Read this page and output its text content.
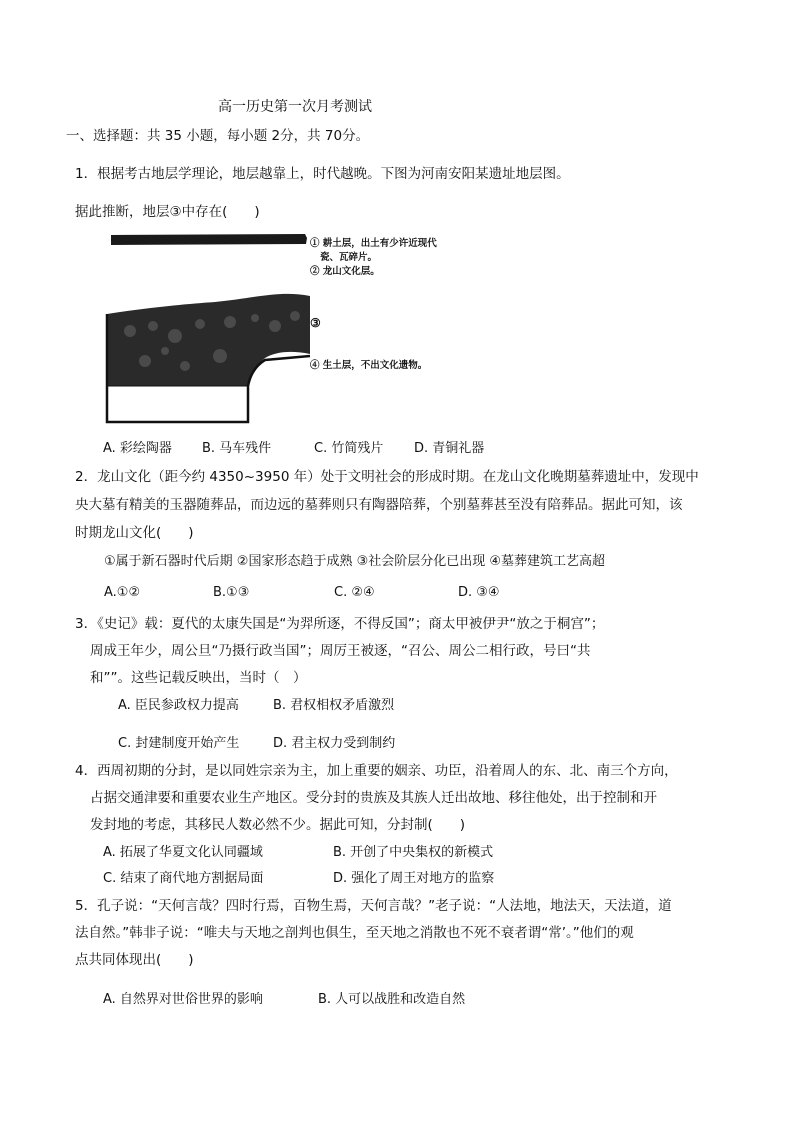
高一历史第一次月考测试
一、选择题：共 35 小题，每小题 2分，共 70分。
1．根据考古地层学理论，地层越靠上，时代越晚。下图为河南安阳某遗址地层图。
据此推断，地层③中存在(　　)
① 耕土层，出土有少许近现代
瓷、瓦碎片。
② 龙山文化层。
③
④ 生土层，不出文化遗物。
A. 彩绘陶器 B. 马车残件	C. 竹简残片 D. 青铜礼器
2．龙山文化（距今约 4350~3950 年）处于文明社会的形成时期。在龙山文化晚期墓葬遗址中，发现中
央大墓有精美的玉器随葬品，而边远的墓葬则只有陶器陪葬，个别墓葬甚至没有陪葬品。据此可知，该
时期龙山文化(　　)
①属于新石器时代后期 ②国家形态趋于成熟 ③社会阶层分化已出现 ④墓葬建筑工艺高超
A.①②	B.①③	C. ②④	D. ③④
3．《史记》载：夏代的太康失国是“为羿所逐，不得反国”；商太甲被伊尹“放之于桐宫”；
周成王年少，周公旦“乃摄行政当国”；周厉王被逐，“召公、周公二相行政，号曰“共
和””。这些记载反映出，当时（　）
A. 臣民参政权力提高	B. 君权相权矛盾激烈
C. 封建制度开始产生	D. 君主权力受到制约
4．西周初期的分封，是以同姓宗亲为主，加上重要的姻亲、功臣，沿着周人的东、北、南三个方向，
占据交通津要和重要农业生产地区。受分封的贵族及其族人迁出故地、移往他处，出于控制和开
发封地的考虑，其移民人数必然不少。据此可知，分封制(　　)
A. 拓展了华夏文化认同疆域	B. 开创了中央集权的新模式
C. 结束了商代地方割据局面	D. 强化了周王对地方的监察
5．孔子说：“天何言哉？四时行焉，百物生焉，天何言哉？”老子说：“人法地，地法天，天法道，道
法自然。”韩非子说：“唯夫与天地之剖判也俱生，至天地之消散也不死不衰者谓“常’。”他们的观
点共同体现出(　　)
A. 自然界对世俗世界的影响	B. 人可以战胜和改造自然
